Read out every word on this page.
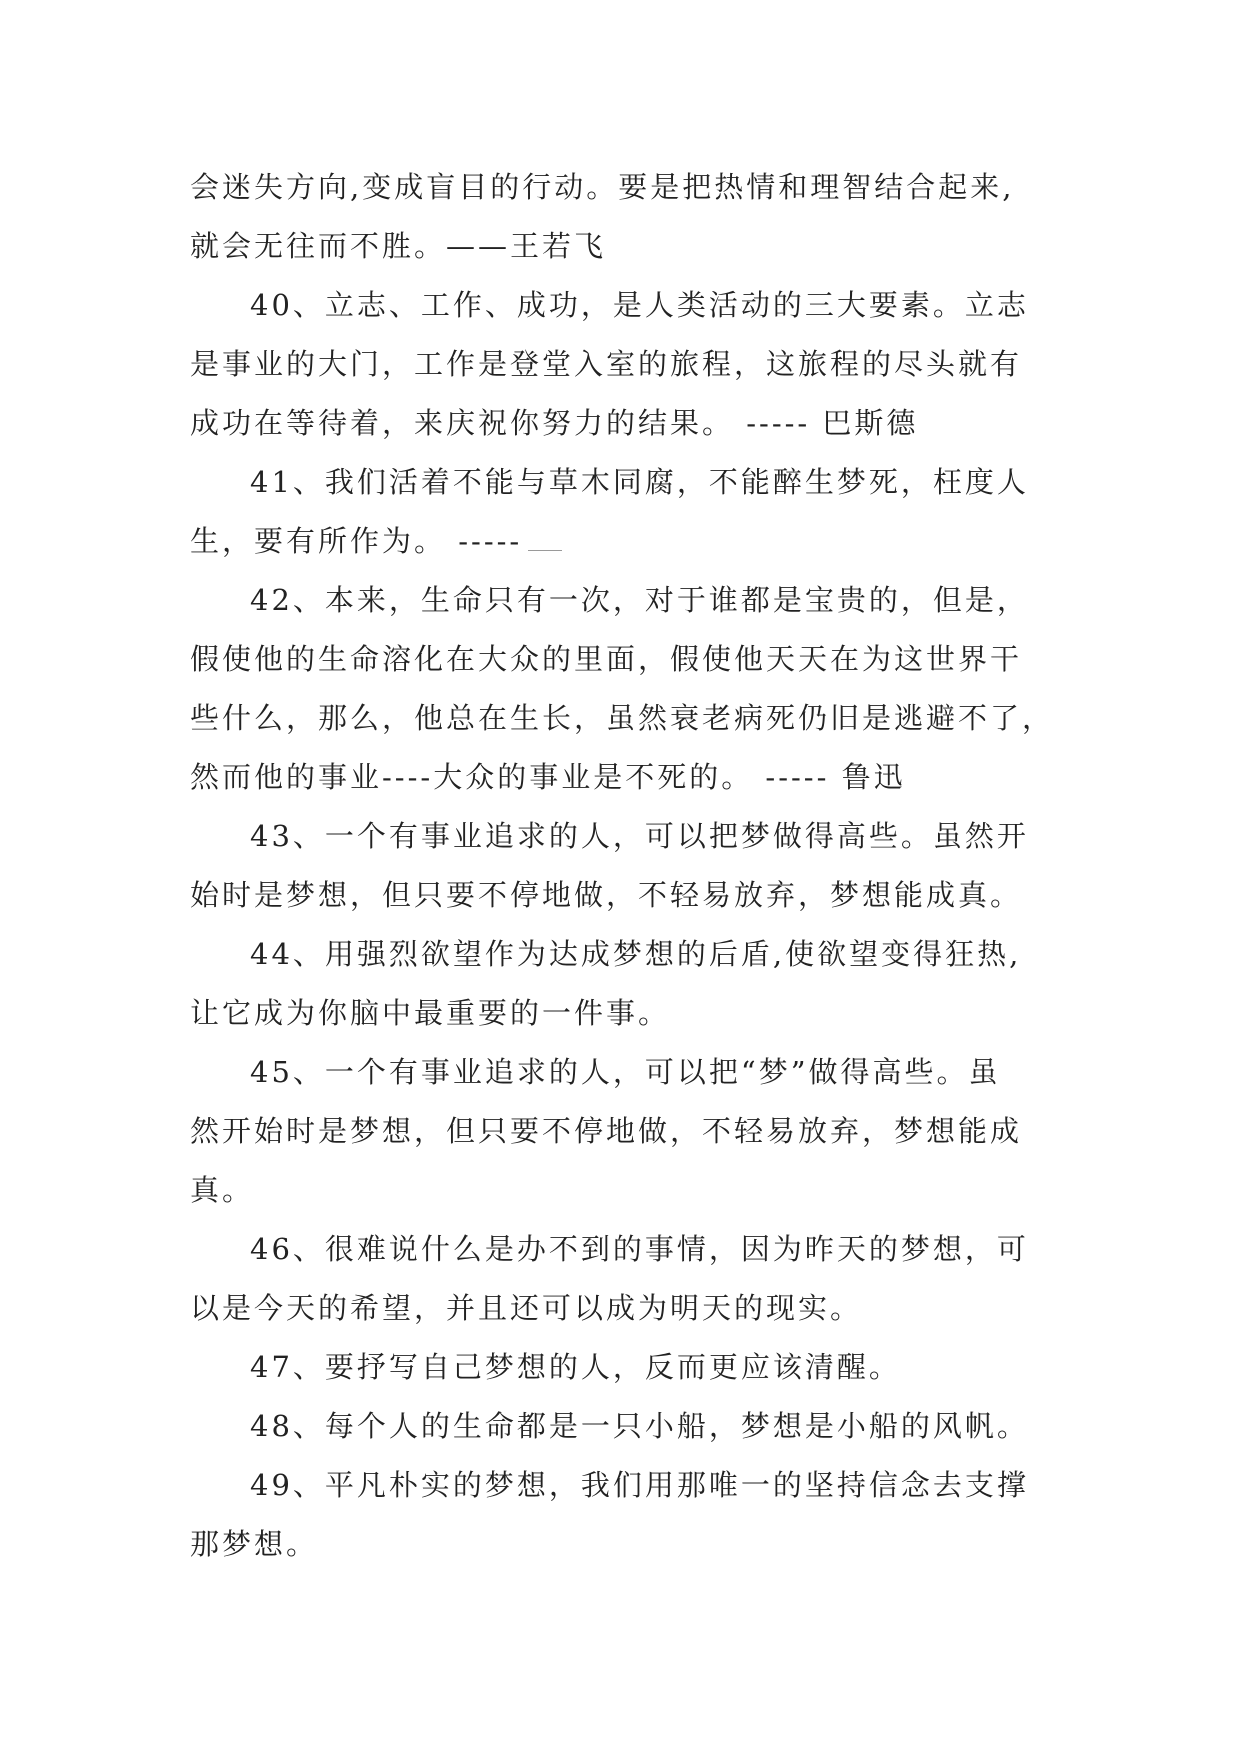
会迷失方向,变成盲目的行动。要是把热情和理智结合起来,
就会无往而不胜。——王若飞

40、立志、工作、成功，是人类活动的三大要素。立志
是事业的大门，工作是登堂入室的旅程，这旅程的尽头就有
成功在等待着，来庆祝你努力的结果。 ----- 巴斯德

41、我们活着不能与草木同腐，不能醉生梦死，枉度人
生，要有所作为。 -----

42、本来，生命只有一次，对于谁都是宝贵的，但是，
假使他的生命溶化在大众的里面，假使他天天在为这世界干
些什么，那么，他总在生长，虽然衰老病死仍旧是逃避不了，
然而他的事业----大众的事业是不死的。 ----- 鲁迅

43、一个有事业追求的人，可以把梦做得高些。虽然开
始时是梦想，但只要不停地做，不轻易放弃，梦想能成真。

44、用强烈欲望作为达成梦想的后盾,使欲望变得狂热,
让它成为你脑中最重要的一件事。

45、一个有事业追求的人，可以把“梦”做得高些。虽
然开始时是梦想，但只要不停地做，不轻易放弃，梦想能成
真。

46、很难说什么是办不到的事情，因为昨天的梦想，可
以是今天的希望，并且还可以成为明天的现实。

47、要抒写自己梦想的人，反而更应该清醒。

48、每个人的生命都是一只小船，梦想是小船的风帆。

49、平凡朴实的梦想，我们用那唯一的坚持信念去支撑
那梦想。
